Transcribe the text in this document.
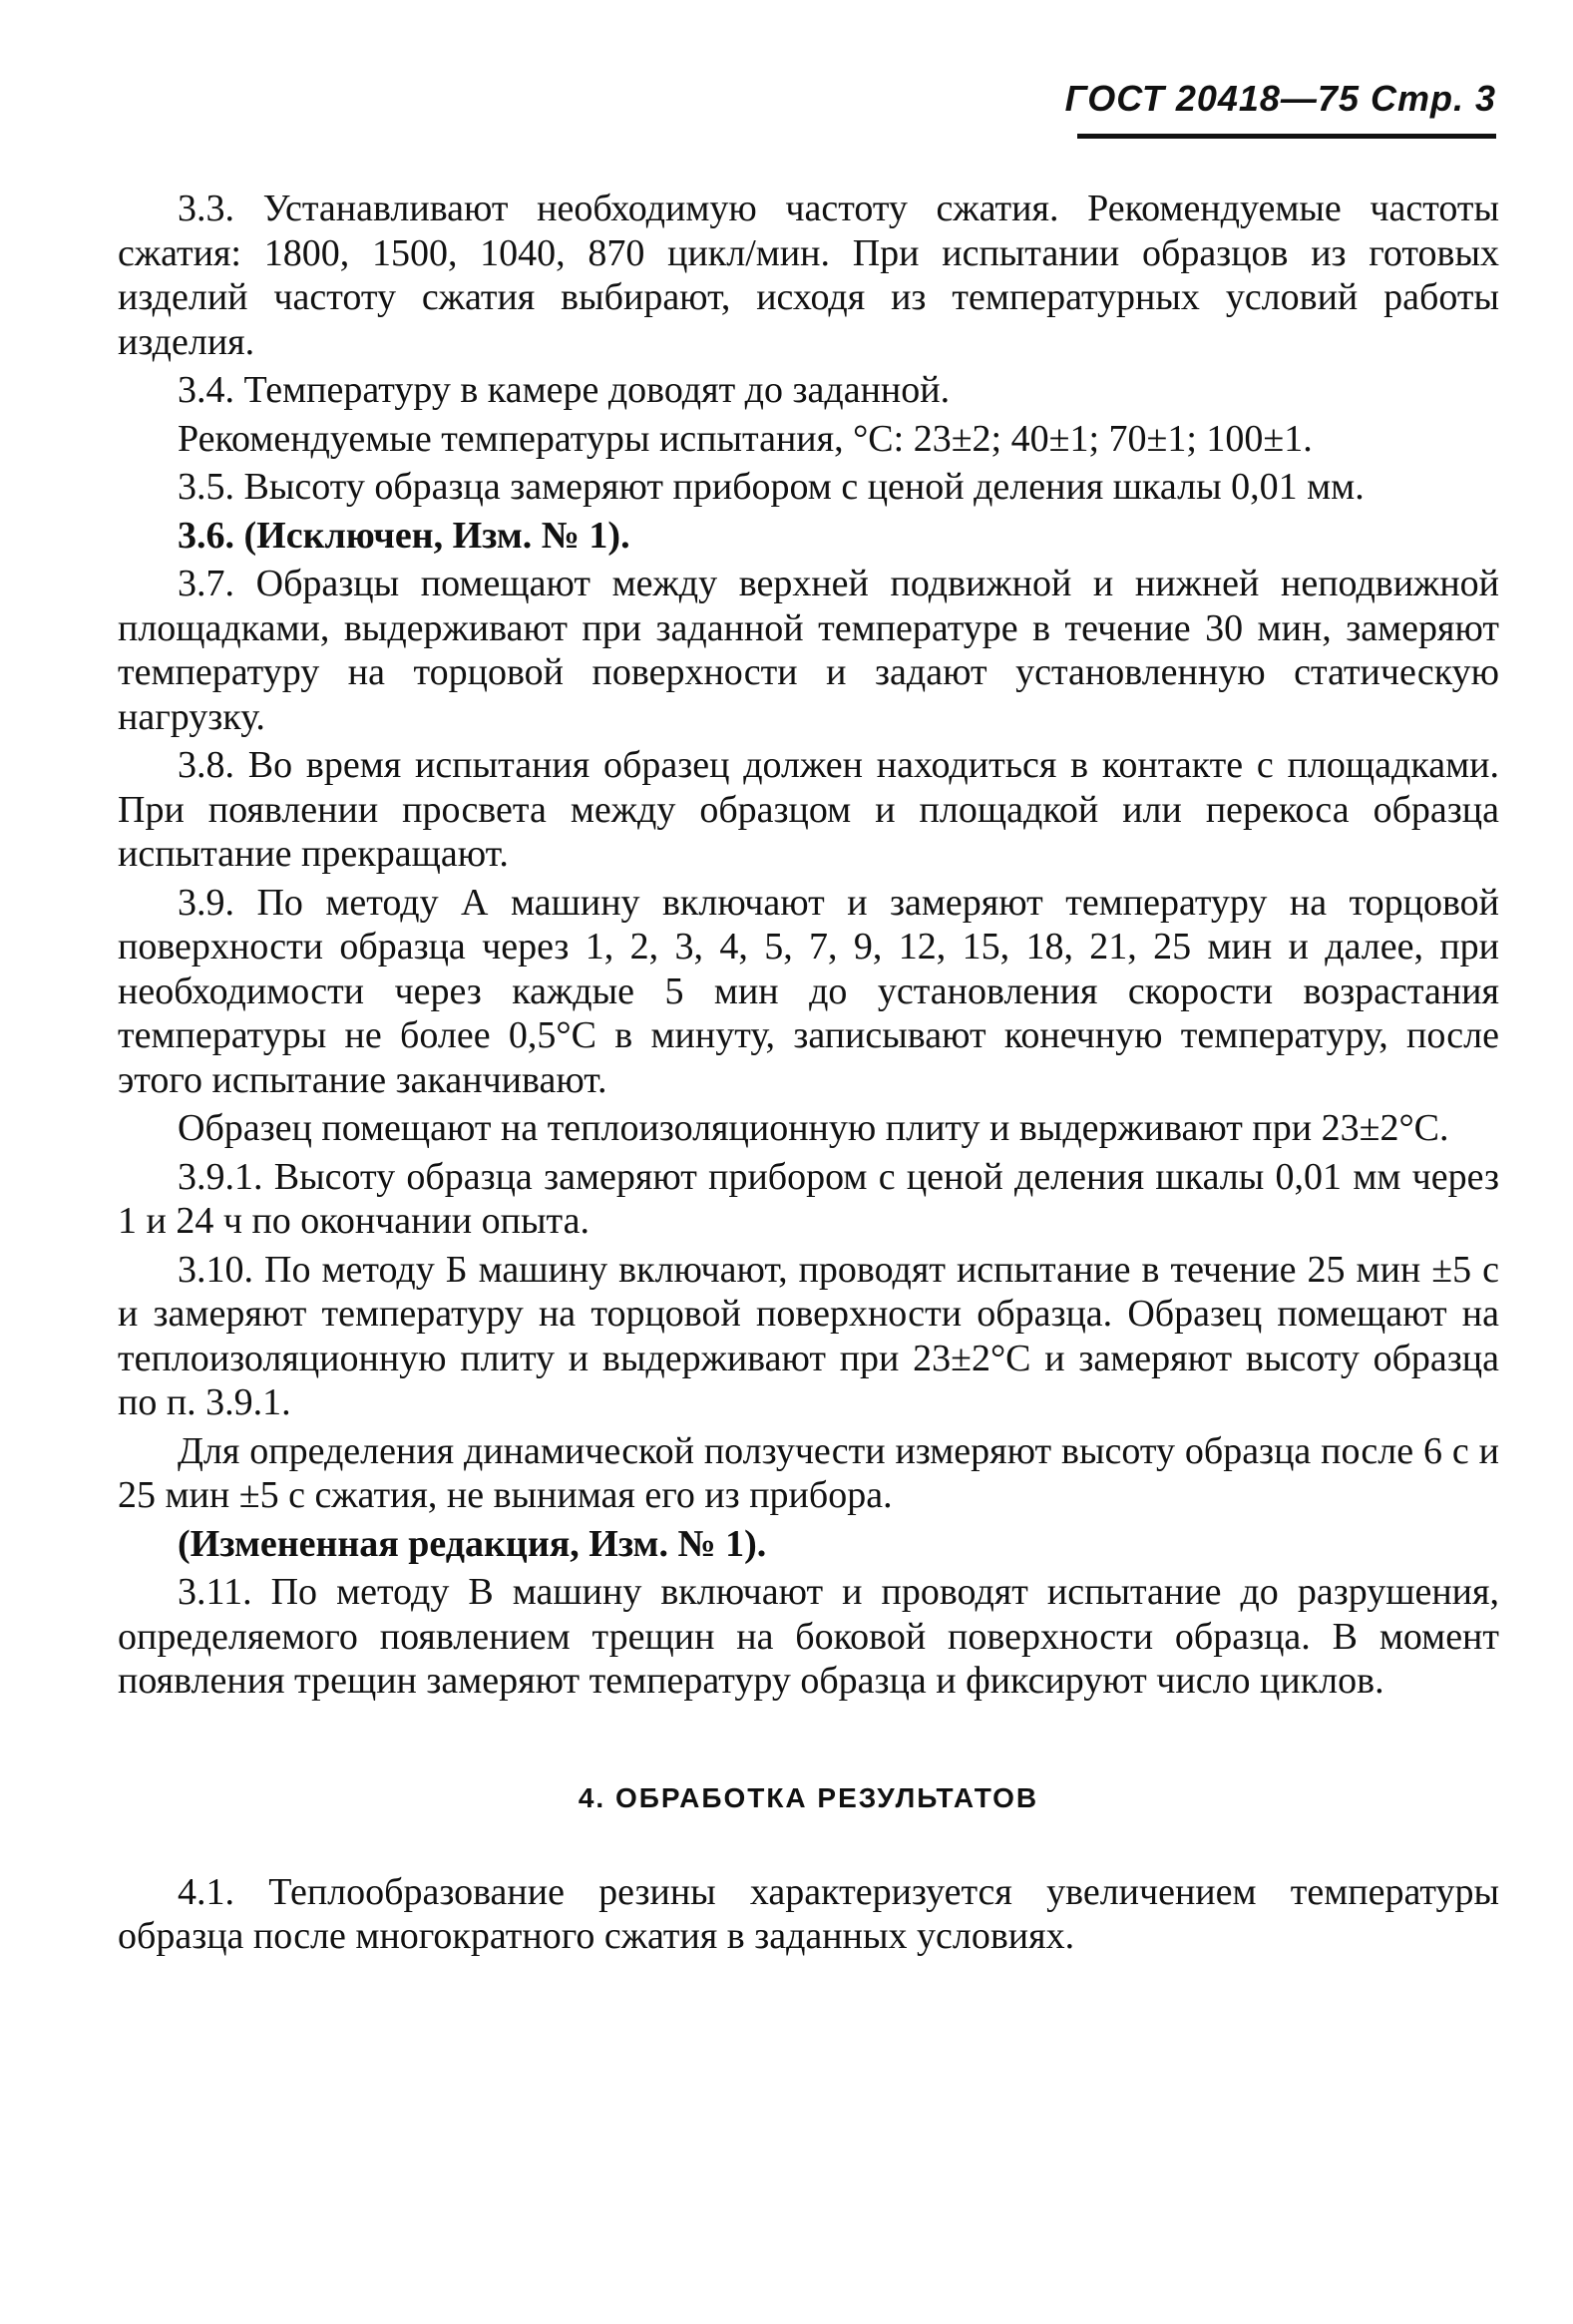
ГОСТ 20418—75 Стр. 3

3.3. Устанавливают необходимую частоту сжатия. Рекомендуемые частоты сжатия: 1800, 1500, 1040, 870 цикл/мин. При испытании образцов из готовых изделий частоту сжатия выбирают, исходя из температурных условий работы изделия.

3.4. Температуру в камере доводят до заданной.

Рекомендуемые температуры испытания, °С: 23±2; 40±1; 70±1; 100±1.

3.5. Высоту образца замеряют прибором с ценой деления шкалы 0,01 мм.

3.6. (Исключен, Изм. № 1).

3.7. Образцы помещают между верхней подвижной и нижней неподвижной площадками, выдерживают при заданной температуре в течение 30 мин, замеряют температуру на торцовой поверхности и задают установленную статическую нагрузку.

3.8. Во время испытания образец должен находиться в контакте с площадками. При появлении просвета между образцом и площадкой или перекоса образца испытание прекращают.

3.9. По методу А машину включают и замеряют температуру на торцовой поверхности образца через 1, 2, 3, 4, 5, 7, 9, 12, 15, 18, 21, 25 мин и далее, при необходимости через каждые 5 мин до установления скорости возрастания температуры не более 0,5°С в минуту, записывают конечную температуру, после этого испытание заканчивают.

Образец помещают на теплоизоляционную плиту и выдерживают при 23±2°С.

3.9.1. Высоту образца замеряют прибором с ценой деления шкалы 0,01 мм через 1 и 24 ч по окончании опыта.

3.10. По методу Б машину включают, проводят испытание в течение 25 мин ±5 с и замеряют температуру на торцовой поверхности образца. Образец помещают на теплоизоляционную плиту и выдерживают при 23±2°С и замеряют высоту образца по п. 3.9.1.

Для определения динамической ползучести измеряют высоту образца после 6 с и 25 мин ±5 с сжатия, не вынимая его из прибора.

(Измененная редакция, Изм. № 1).

3.11. По методу В машину включают и проводят испытание до разрушения, определяемого появлением трещин на боковой поверхности образца. В момент появления трещин замеряют температуру образца и фиксируют число циклов.

4. ОБРАБОТКА РЕЗУЛЬТАТОВ

4.1. Теплообразование резины характеризуется увеличением температуры образца после многократного сжатия в заданных условиях.
